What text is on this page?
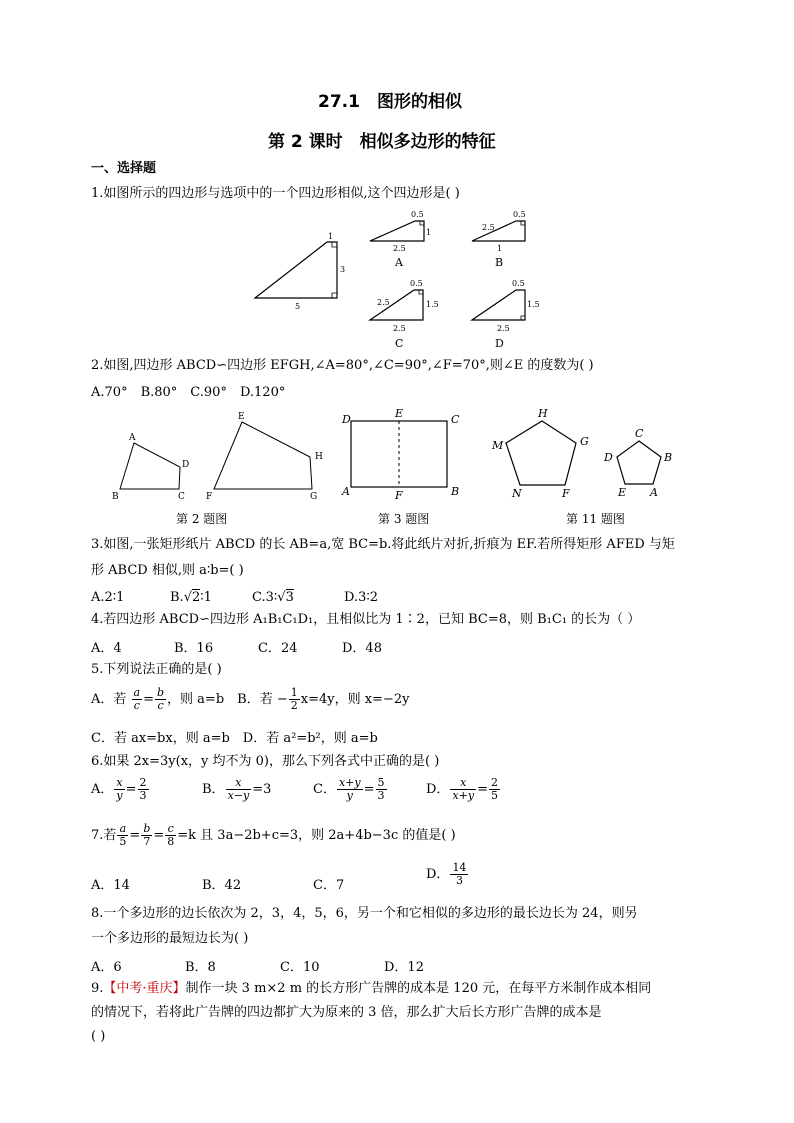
27.1　图形的相似
第 2 课时　相似多边形的特征
一、选择题
1.如图所示的四边形与选项中的一个四边形相似,这个四边形是( )
1
3
5
0.5
1
2.5
A
0.5
2.5
1
B
0.5
1.5
2.5
2.5
C
0.5
1.5
2.5
D
2.如图,四边形 ABCD∽四边形 EFGH,∠A=80°,∠C=90°,∠F=70°,则∠E 的度数为( )
A.70°　B.80°　C.90°　D.120°
A
B	C
D
E
F	G
H
D	E	C
A	F	B
H
M	G
N	F
C
D	B
E A
第 2 题图	第 3 题图	第 11 题图
3.如图,一张矩形纸片 ABCD 的长 AB=a,宽 BC=b.将此纸片对折,折痕为 EF.若所得矩形 AFED 与矩
形 ABCD 相似,则 a∶b=( )
A.2∶1	B.√2∶1	C.3∶√3	D.3∶2
4.若四边形 ABCD∽四边形 A₁B₁C₁D₁，且相似比为 1∶2，已知 BC=8，则 B₁C₁ 的长为（ ）
A．4	B．16	C．24	D．48
5.下列说法正确的是( )
A．若 $\frac{a}{c} = \frac{b}{c}$ ，则 a=b　B．若 − $\frac{1}{2} x=4y$，则 x=−2y
C．若 ax=bx，则 a=b　D．若 a²=b²，则 a=b
6.如果 2x=3y(x，y 均不为 0)，那么下列各式中正确的是( )
A． $\frac{x}{y} = \frac{2}{3}$	B． $\frac{x}{x-y} =3$	C． $\frac{x+y}{y} = \frac{5}{3}$	D． $\frac{x}{x+y} = \frac{2}{5}$
7.若 $\frac{a}{5} = \frac{b}{7} = \frac{c}{8} =k$ 且 3a−2b+c=3，则 2a+4b−3c 的值是( )
A．14	B．42	C．7
D． $\frac{14}{3}$
8.一个多边形的边长依次为 2，3，4，5，6，另一个和它相似的多边形的最长边长为 24，则另
一个多边形的最短边长为( )
A．6	B．8	C．10	D．12
9.【中考·重庆】制作一块 3 m×2 m 的长方形广告牌的成本是 120 元，在每平方米制作成本相同
的情况下，若将此广告牌的四边都扩大为原来的 3 倍，那么扩大后长方形广告牌的成本是
( )
